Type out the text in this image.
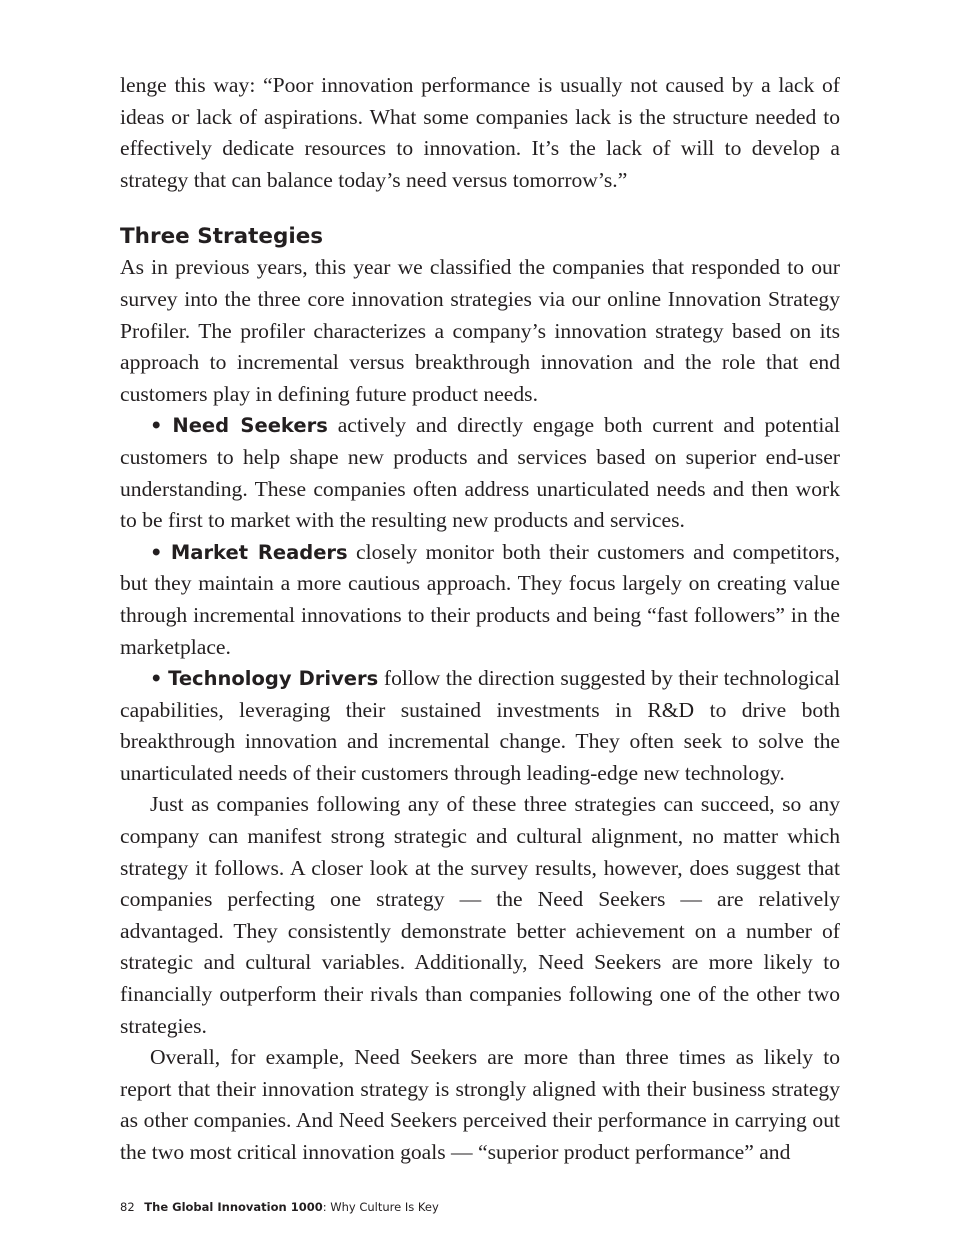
lenge this way: “Poor innovation performance is usually not caused by a lack of ideas or lack of aspirations. What some companies lack is the structure needed to effectively dedicate resources to innovation. It’s the lack of will to develop a strategy that can balance today’s need versus tomorrow’s.”

Three Strategies

As in previous years, this year we classified the companies that responded to our survey into the three core innovation strategies via our online Innovation Strategy Profiler. The profiler characterizes a company’s innovation strategy based on its approach to incremental versus breakthrough innovation and the role that end customers play in defining future product needs.

• Need Seekers actively and directly engage both current and potential customers to help shape new products and services based on superior end-user understanding. These companies often address unarticulated needs and then work to be first to market with the resulting new products and services.

• Market Readers closely monitor both their customers and competitors, but they maintain a more cautious approach. They focus largely on creating value through incremental innovations to their products and being “fast followers” in the marketplace.

• Technology Drivers follow the direction suggested by their technological capabilities, leveraging their sustained investments in R&D to drive both breakthrough innovation and incremental change. They often seek to solve the unarticulated needs of their customers through leading-edge new technology.

Just as companies following any of these three strategies can succeed, so any company can manifest strong strategic and cultural alignment, no matter which strategy it follows. A closer look at the survey results, however, does suggest that companies perfecting one strategy — the Need Seekers — are relatively advantaged. They consistently demonstrate better achievement on a number of strategic and cultural variables. Additionally, Need Seekers are more likely to financially outperform their rivals than companies following one of the other two strategies.

Overall, for example, Need Seekers are more than three times as likely to report that their innovation strategy is strongly aligned with their business strategy as other companies. And Need Seekers perceived their performance in carrying out the two most critical innovation goals — “superior product performance” and

82 The Global Innovation 1000: Why Culture Is Key
